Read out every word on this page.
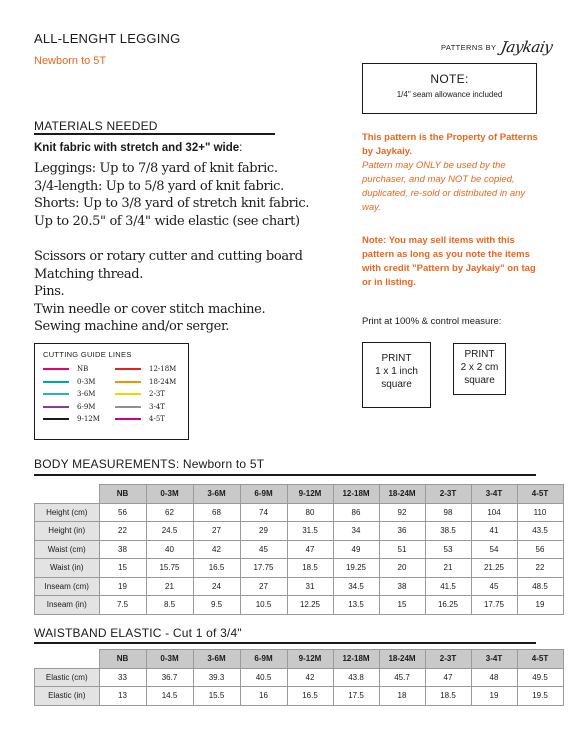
ALL-LENGHT LEGGING
Newborn to 5T
PATTERNS BY Jaykaiy
NOTE:
1/4" seam allowance included
MATERIALS NEEDED
Knit fabric with stretch and 32+" wide:
Leggings: Up to 7/8 yard of knit fabric.
3/4-length: Up to 5/8 yard of knit fabric.
Shorts: Up to 3/8 yard of stretch knit fabric.
Up to 20.5" of 3/4" wide elastic (see chart)
Scissors or rotary cutter and cutting board
Matching thread.
Pins.
Twin needle or cover stitch machine.
Sewing machine and/or serger.
This pattern is the Property of Patterns by Jaykaiy.
Pattern may ONLY be used by the purchaser, and may NOT be copied, duplicated, re-sold or distributed in any way.
Note: You may sell items with this pattern as long as you note the items with credit "Pattern by Jaykaiy" on tag or in listing.
Print at 100% & control measure:
PRINT
1 x 1 inch
square
PRINT
2 x 2 cm
square
CUTTING GUIDE LINES
NB
0-3M
3-6M
6-9M
9-12M
12-18M
18-24M
2-3T
3-4T
4-5T
BODY MEASUREMENTS: Newborn to 5T
	NB	0-3M	3-6M	6-9M	9-12M	12-18M	18-24M	2-3T	3-4T	4-5T
Height (cm)	56	62	68	74	80	86	92	98	104	110
Height (in)	22	24.5	27	29	31.5	34	36	38.5	41	43.5
Waist (cm)	38	40	42	45	47	49	51	53	54	56
Waist (in)	15	15.75	16.5	17.75	18.5	19.25	20	21	21.25	22
Inseam (cm)	19	21	24	27	31	34.5	38	41.5	45	48.5
Inseam (in)	7.5	8.5	9.5	10.5	12.25	13.5	15	16.25	17.75	19
WAISTBAND ELASTIC - Cut 1 of 3/4"
	NB	0-3M	3-6M	6-9M	9-12M	12-18M	18-24M	2-3T	3-4T	4-5T
Elastic (cm)	33	36.7	39.3	40.5	42	43.8	45.7	47	48	49.5
Elastic (in)	13	14.5	15.5	16	16.5	17.5	18	18.5	19	19.5
